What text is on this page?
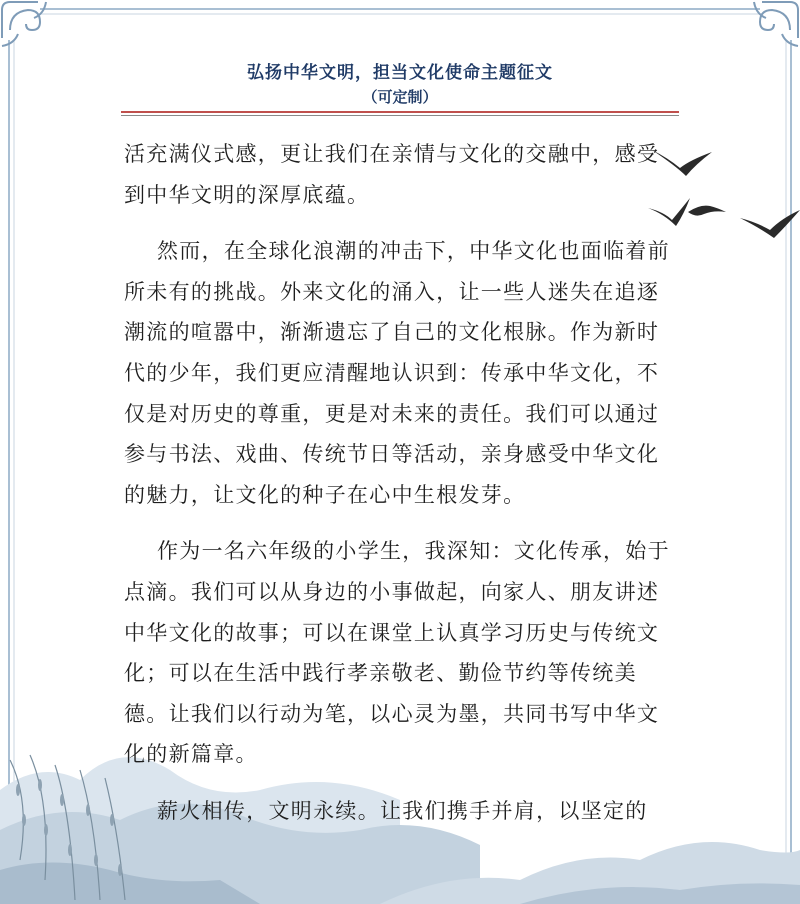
弘扬中华文明，担当文化使命主题征文
（可定制）

活充满仪式感，更让我们在亲情与文化的交融中，感受到中华文明的深厚底蕴。

然而，在全球化浪潮的冲击下，中华文化也面临着前所未有的挑战。外来文化的涌入，让一些人迷失在追逐潮流的喧嚣中，渐渐遗忘了自己的文化根脉。作为新时代的少年，我们更应清醒地认识到：传承中华文化，不仅是对历史的尊重，更是对未来的责任。我们可以通过参与书法、戏曲、传统节日等活动，亲身感受中华文化的魅力，让文化的种子在心中生根发芽。

作为一名六年级的小学生，我深知：文化传承，始于点滴。我们可以从身边的小事做起，向家人、朋友讲述中华文化的故事；可以在课堂上认真学习历史与传统文化；可以在生活中践行孝亲敬老、勤俭节约等传统美德。让我们以行动为笔，以心灵为墨，共同书写中华文化的新篇章。

薪火相传，文明永续。让我们携手并肩，以坚定的
